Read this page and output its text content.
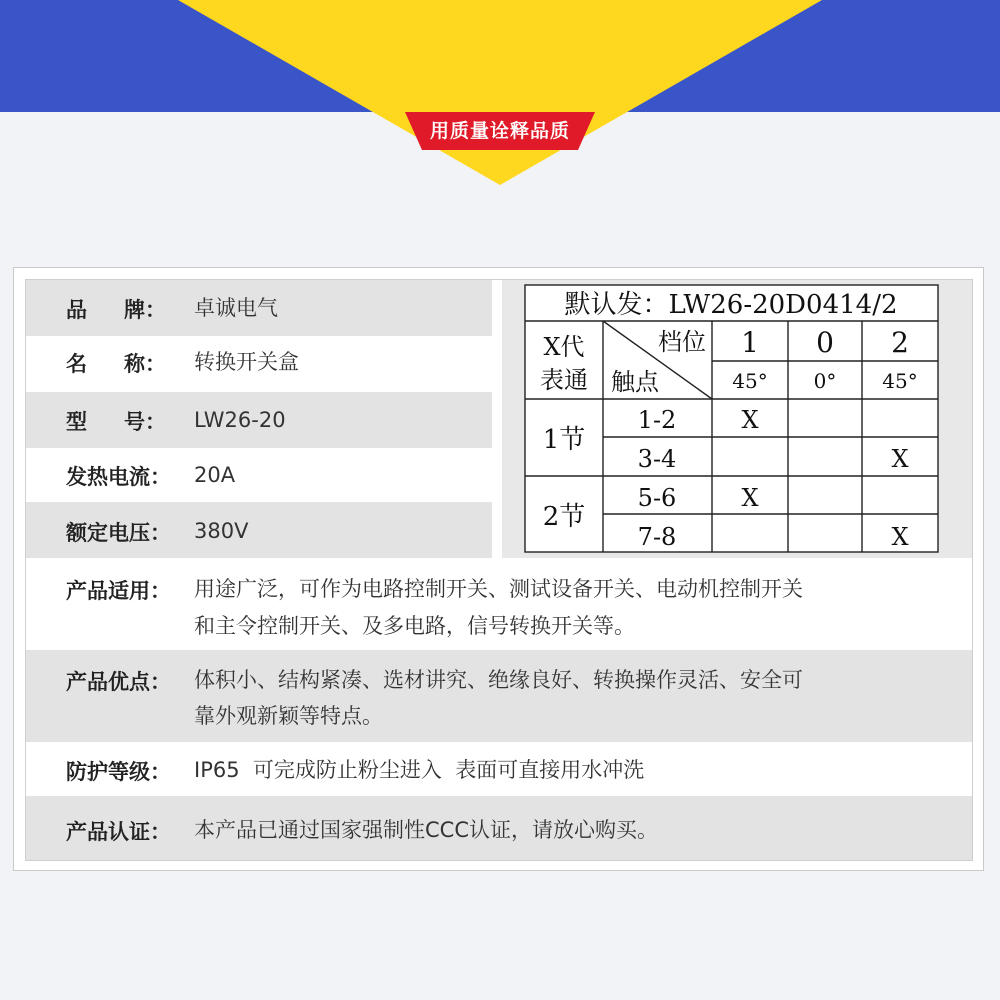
用质量诠释品质
品 牌： 卓诚电气
名 称： 转换开关盒
型 号： LW26-20
发热电流： 20A
额定电压： 380V
默认发：LW26-20D0414/2
X代
表通
档位
触点
1 0 2
45° 0° 45°
1节
2节
1-2
3-4
5-6
7-8
X
X
X
X
产品适用： 用途广泛，可作为电路控制开关、测试设备开关、电动机控制开关
和主令控制开关、及多电路，信号转换开关等。
产品优点： 体积小、结构紧凑、选材讲究、绝缘良好、转换操作灵活、安全可
靠外观新颖等特点。
防护等级： IP65  可完成防止粉尘进入  表面可直接用水冲洗
产品认证： 本产品已通过国家强制性CCC认证，请放心购买。
